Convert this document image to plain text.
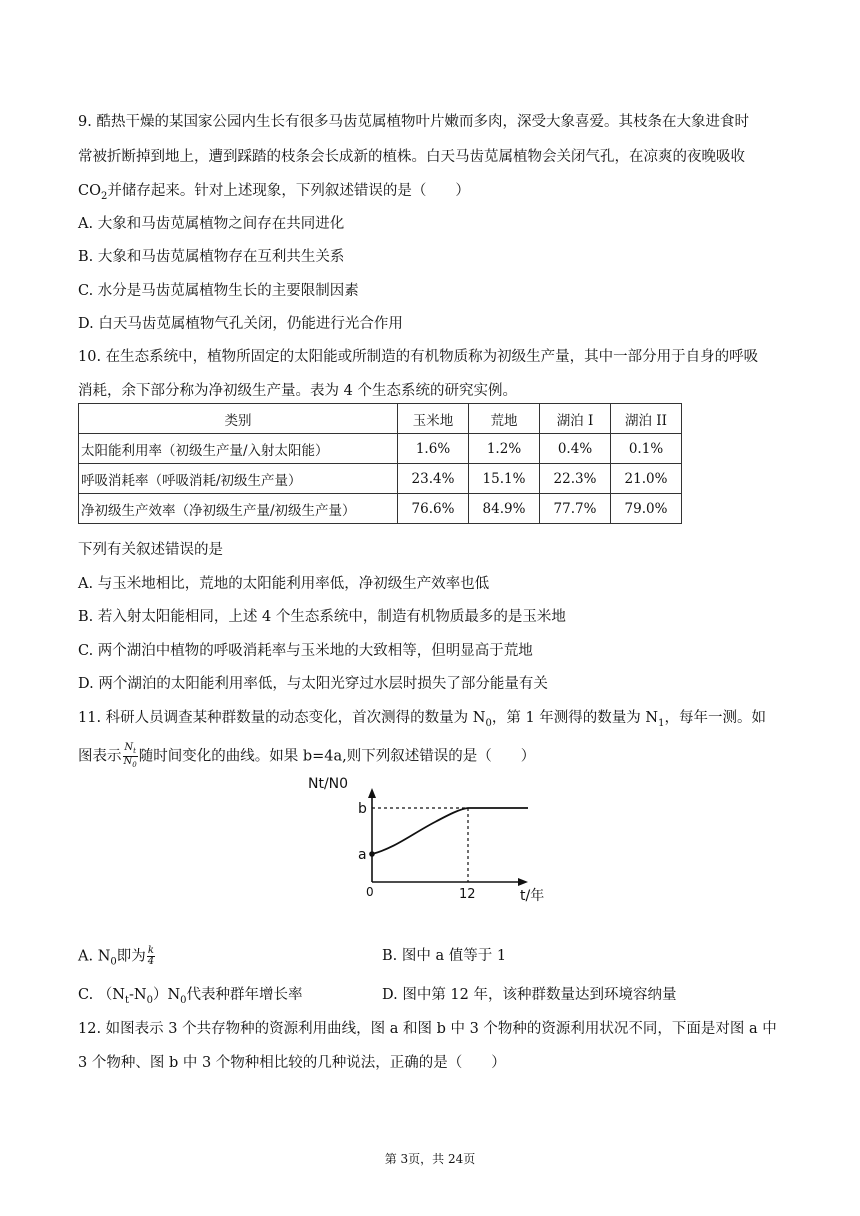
9. 酷热干燥的某国家公园内生长有很多马齿苋属植物叶片嫩而多肉，深受大象喜爱。其枝条在大象进食时
常被折断掉到地上，遭到踩踏的枝条会长成新的植株。白天马齿苋属植物会关闭气孔，在凉爽的夜晚吸收
$CO_2$并储存起来。针对上述现象，下列叙述错误的是（　　）
A. 大象和马齿苋属植物之间存在共同进化
B. 大象和马齿苋属植物存在互利共生关系
C. 水分是马齿苋属植物生长的主要限制因素
D. 白天马齿苋属植物气孔关闭，仍能进行光合作用
10. 在生态系统中，植物所固定的太阳能或所制造的有机物质称为初级生产量，其中一部分用于自身的呼吸
消耗，余下部分称为净初级生产量。表为 4 个生态系统的研究实例。
类别	玉米地	荒地	湖泊 I	湖泊 II
太阳能利用率（初级生产量/入射太阳能）	1.6%	1.2%	0.4%	0.1%
呼吸消耗率（呼吸消耗/初级生产量）	23.4%	15.1%	22.3%	21.0%
净初级生产效率（净初级生产量/初级生产量）	76.6%	84.9%	77.7%	79.0%
下列有关叙述错误的是
A. 与玉米地相比，荒地的太阳能利用率低，净初级生产效率也低
B. 若入射太阳能相同，上述 4 个生态系统中，制造有机物质最多的是玉米地
C. 两个湖泊中植物的呼吸消耗率与玉米地的大致相等，但明显高于荒地
D. 两个湖泊的太阳能利用率低，与太阳光穿过水层时损失了部分能量有关
11. 科研人员调查某种群数量的动态变化，首次测得的数量为 $N_0$，第 1 年测得的数量为 $N_1$，每年一测。如
图表示 $\frac{N_t}{N_0}$ 随时间变化的曲线。如果 b=4a,则下列叙述错误的是（　　）
Nt/N0
b
a
0	12	t/年
A. $N_0$即为 $\frac{k}{4}$	B. 图中 a 值等于 1
C. $(N_t-N_0)N_0$代表种群年增长率	D. 图中第 12 年，该种群数量达到环境容纳量
12. 如图表示 3 个共存物种的资源利用曲线，图 a 和图 b 中 3 个物种的资源利用状况不同，下面是对图 a 中
3 个物种、图 b 中 3 个物种相比较的几种说法，正确的是（　　）
第 3页，共 24页
